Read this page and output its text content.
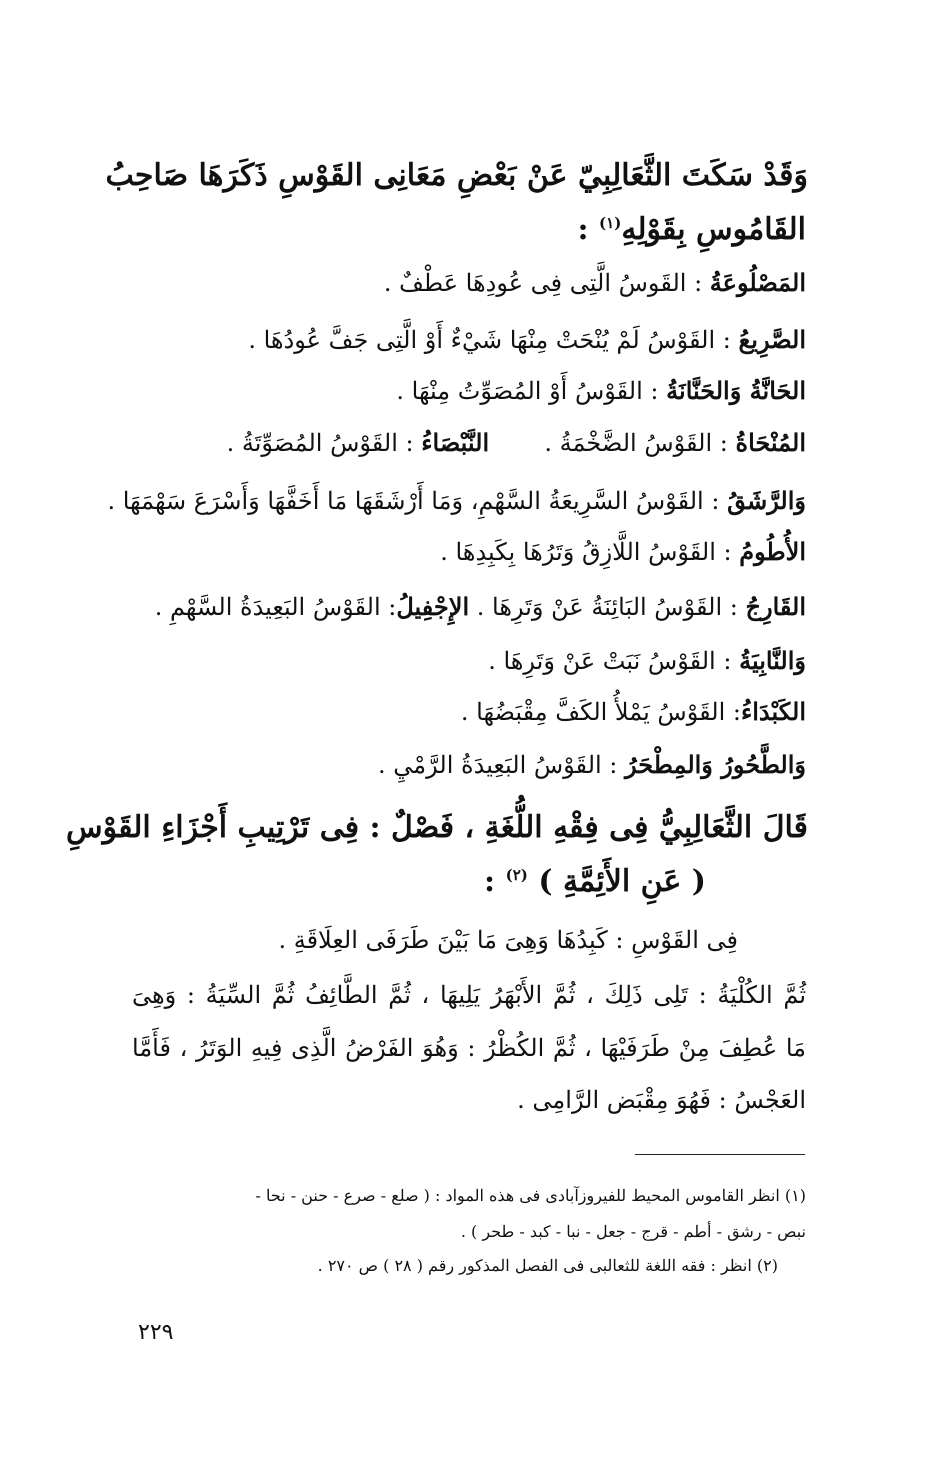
وَقَدْ سَكَتَ الثَّعَالِبِيّ عَنْ بَعْضِ مَعَانِى القَوْسِ ذَكَرَهَا صَاحِبُ
القَامُوسِ بِقَوْلِهِ$^{(١)}$ :
المَصْلُوعَةُ : القَوسُ الَّتِى فِى عُودِهَا عَطْفٌ .
الصَّرِيعُ : القَوْسُ لَمْ يُنْحَتْ مِنْهَا شَيْءٌ أَوْ الَّتِى جَفَّ عُودُهَا .
الحَانَّةُ وَالحَنَّانَةُ : القَوْسُ أَوْ المُصَوِّتُ مِنْهَا .
المُنْحَاةُ : القَوْسُ الضَّخْمَةُ .  النَّبْصَاءُ : القَوْسُ المُصَوِّتَةُ .
وَالرَّشَقُ : القَوْسُ السَّرِيعَةُ السَّهْمِ، وَمَا أَرْشَقَهَا مَا أَخَفَّهَا وَأَسْرَعَ سَهْمَهَا .
الأُطُومُ : القَوْسُ اللَّازِقُ وَتَرُهَا بِكَبِدِهَا .
القَارِجُ : القَوْسُ البَائِنَةُ عَنْ وَتَرِهَا . الإِجْفِيلُ: القَوْسُ البَعِيدَةُ السَّهْمِ .
وَالنَّابِيَةُ : القَوْسُ نَبَتْ عَنْ وَتَرِهَا .
الكَبْدَاءُ: القَوْسُ يَمْلأُ الكَفَّ مِقْبَضُهَا .
وَالطَّحُورُ وَالمِطْحَرُ : القَوْسُ البَعِيدَةُ الرَّمْيِ .
قَالَ الثَّعَالِبِيُّ فِى فِقْهِ اللُّغَةِ ، فَصْلٌ : فِى تَرْتِيبِ أَجْزَاءِ القَوْسِ
( عَنِ الأَئِمَّةِ ) $^{(٢)}$ :
فِى القَوْسِ : كَبِدُهَا وَهِىَ مَا بَيْنَ طَرَفَى العِلَاقَةِ .
ثُمَّ الكُلْيَةُ : تَلِى ذَلِكَ ، ثُمَّ الأَبْهَرُ يَلِيهَا ، ثُمَّ الطَّائِفُ ثُمَّ السِّيَةُ : وَهِىَ
مَا عُطِفَ مِنْ طَرَفَيْهَا ، ثُمَّ الكُظْرُ : وَهُوَ الفَرْضُ الَّذِى فِيهِ الوَتَرُ ، فَأَمَّا
العَجْسُ : فَهُوَ مِقْبَض الرَّامِى .
(١) انظر القاموس المحيط للفيروزآبادى فى هذه المواد : ( صلع - صرع - حنن - نحا -
نبص - رشق - أطم - قرج - جعل - نبا - كبد - طحر ) .
(٢) انظر : فقه اللغة للثعالبى فى الفصل المذكور رقم ( ٢٨ ) ص ٢٧٠ .
٢٢٩
